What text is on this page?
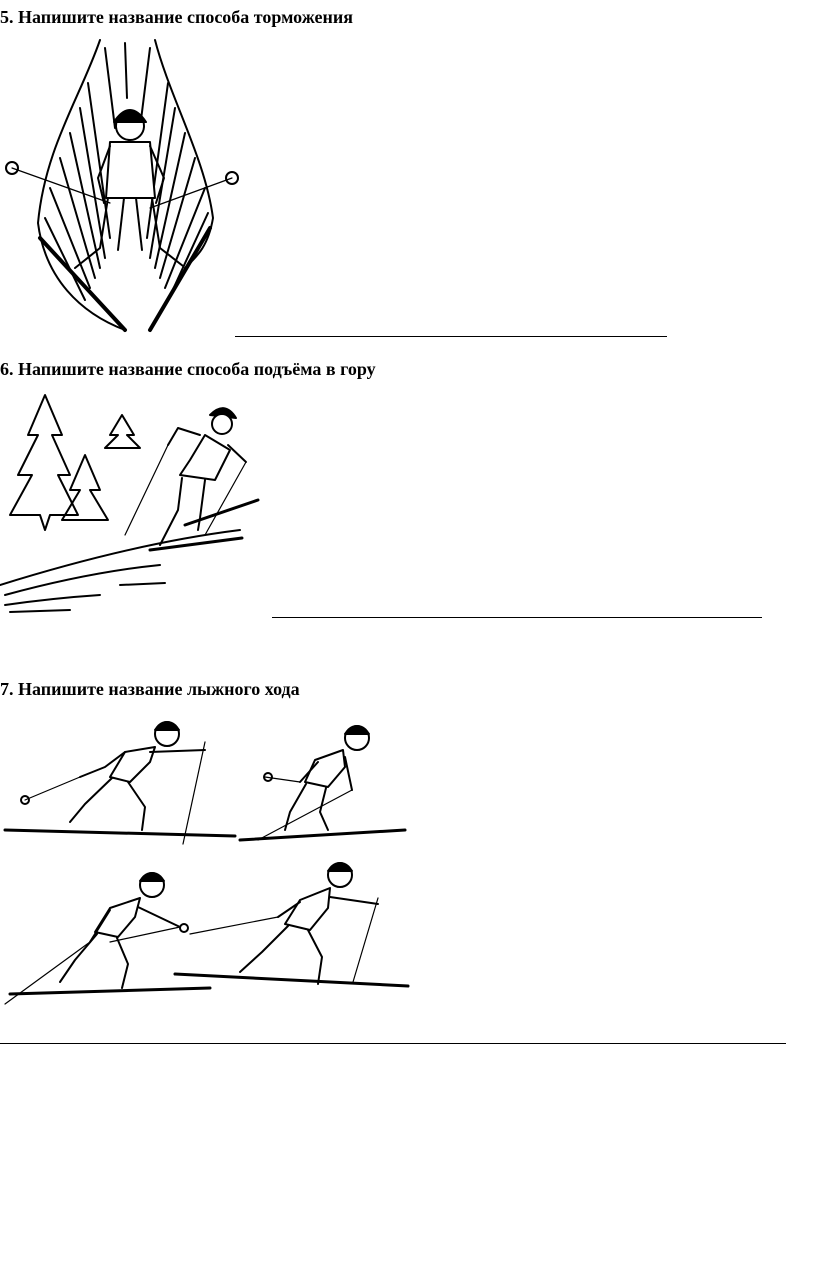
5. Напишите название способа торможения
6. Напишите название способа подъёма в гору
7. Напишите название лыжного хода
